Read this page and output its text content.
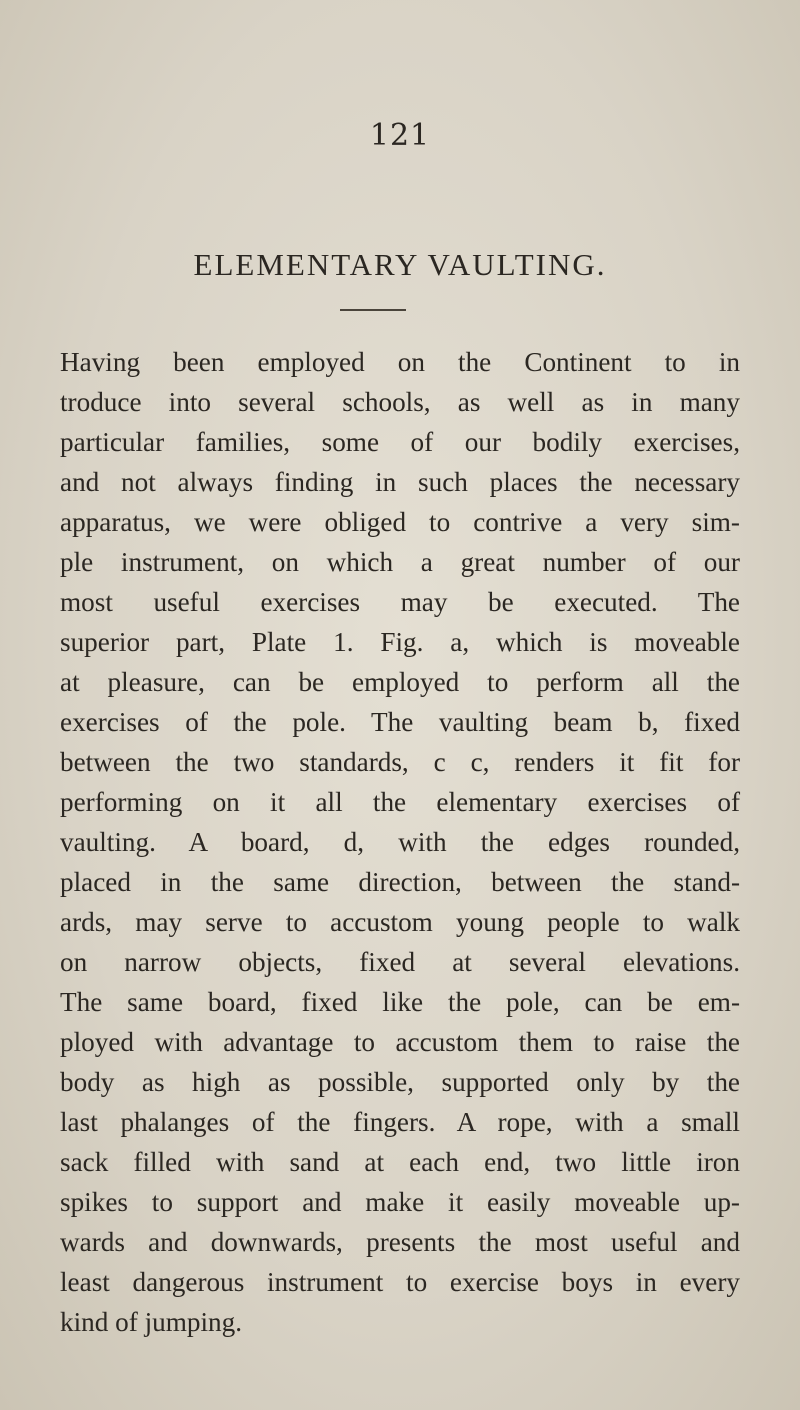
121
ELEMENTARY VAULTING.
Having been employed on the Continent to in
troduce into several schools, as well as in many
particular families, some of our bodily exercises,
and not always finding in such places the necessary
apparatus, we were obliged to contrive a very sim-
ple instrument, on which a great number of our
most useful exercises may be executed. The
superior part, Plate 1. Fig. a, which is moveable
at pleasure, can be employed to perform all the
exercises of the pole. The vaulting beam b, fixed
between the two standards, c c, renders it fit for
performing on it all the elementary exercises of
vaulting. A board, d, with the edges rounded,
placed in the same direction, between the stand-
ards, may serve to accustom young people to walk
on narrow objects, fixed at several elevations.
The same board, fixed like the pole, can be em-
ployed with advantage to accustom them to raise the
body as high as possible, supported only by the
last phalanges of the fingers. A rope, with a small
sack filled with sand at each end, two little iron
spikes to support and make it easily moveable up-
wards and downwards, presents the most useful and
least dangerous instrument to exercise boys in every
kind of jumping.
